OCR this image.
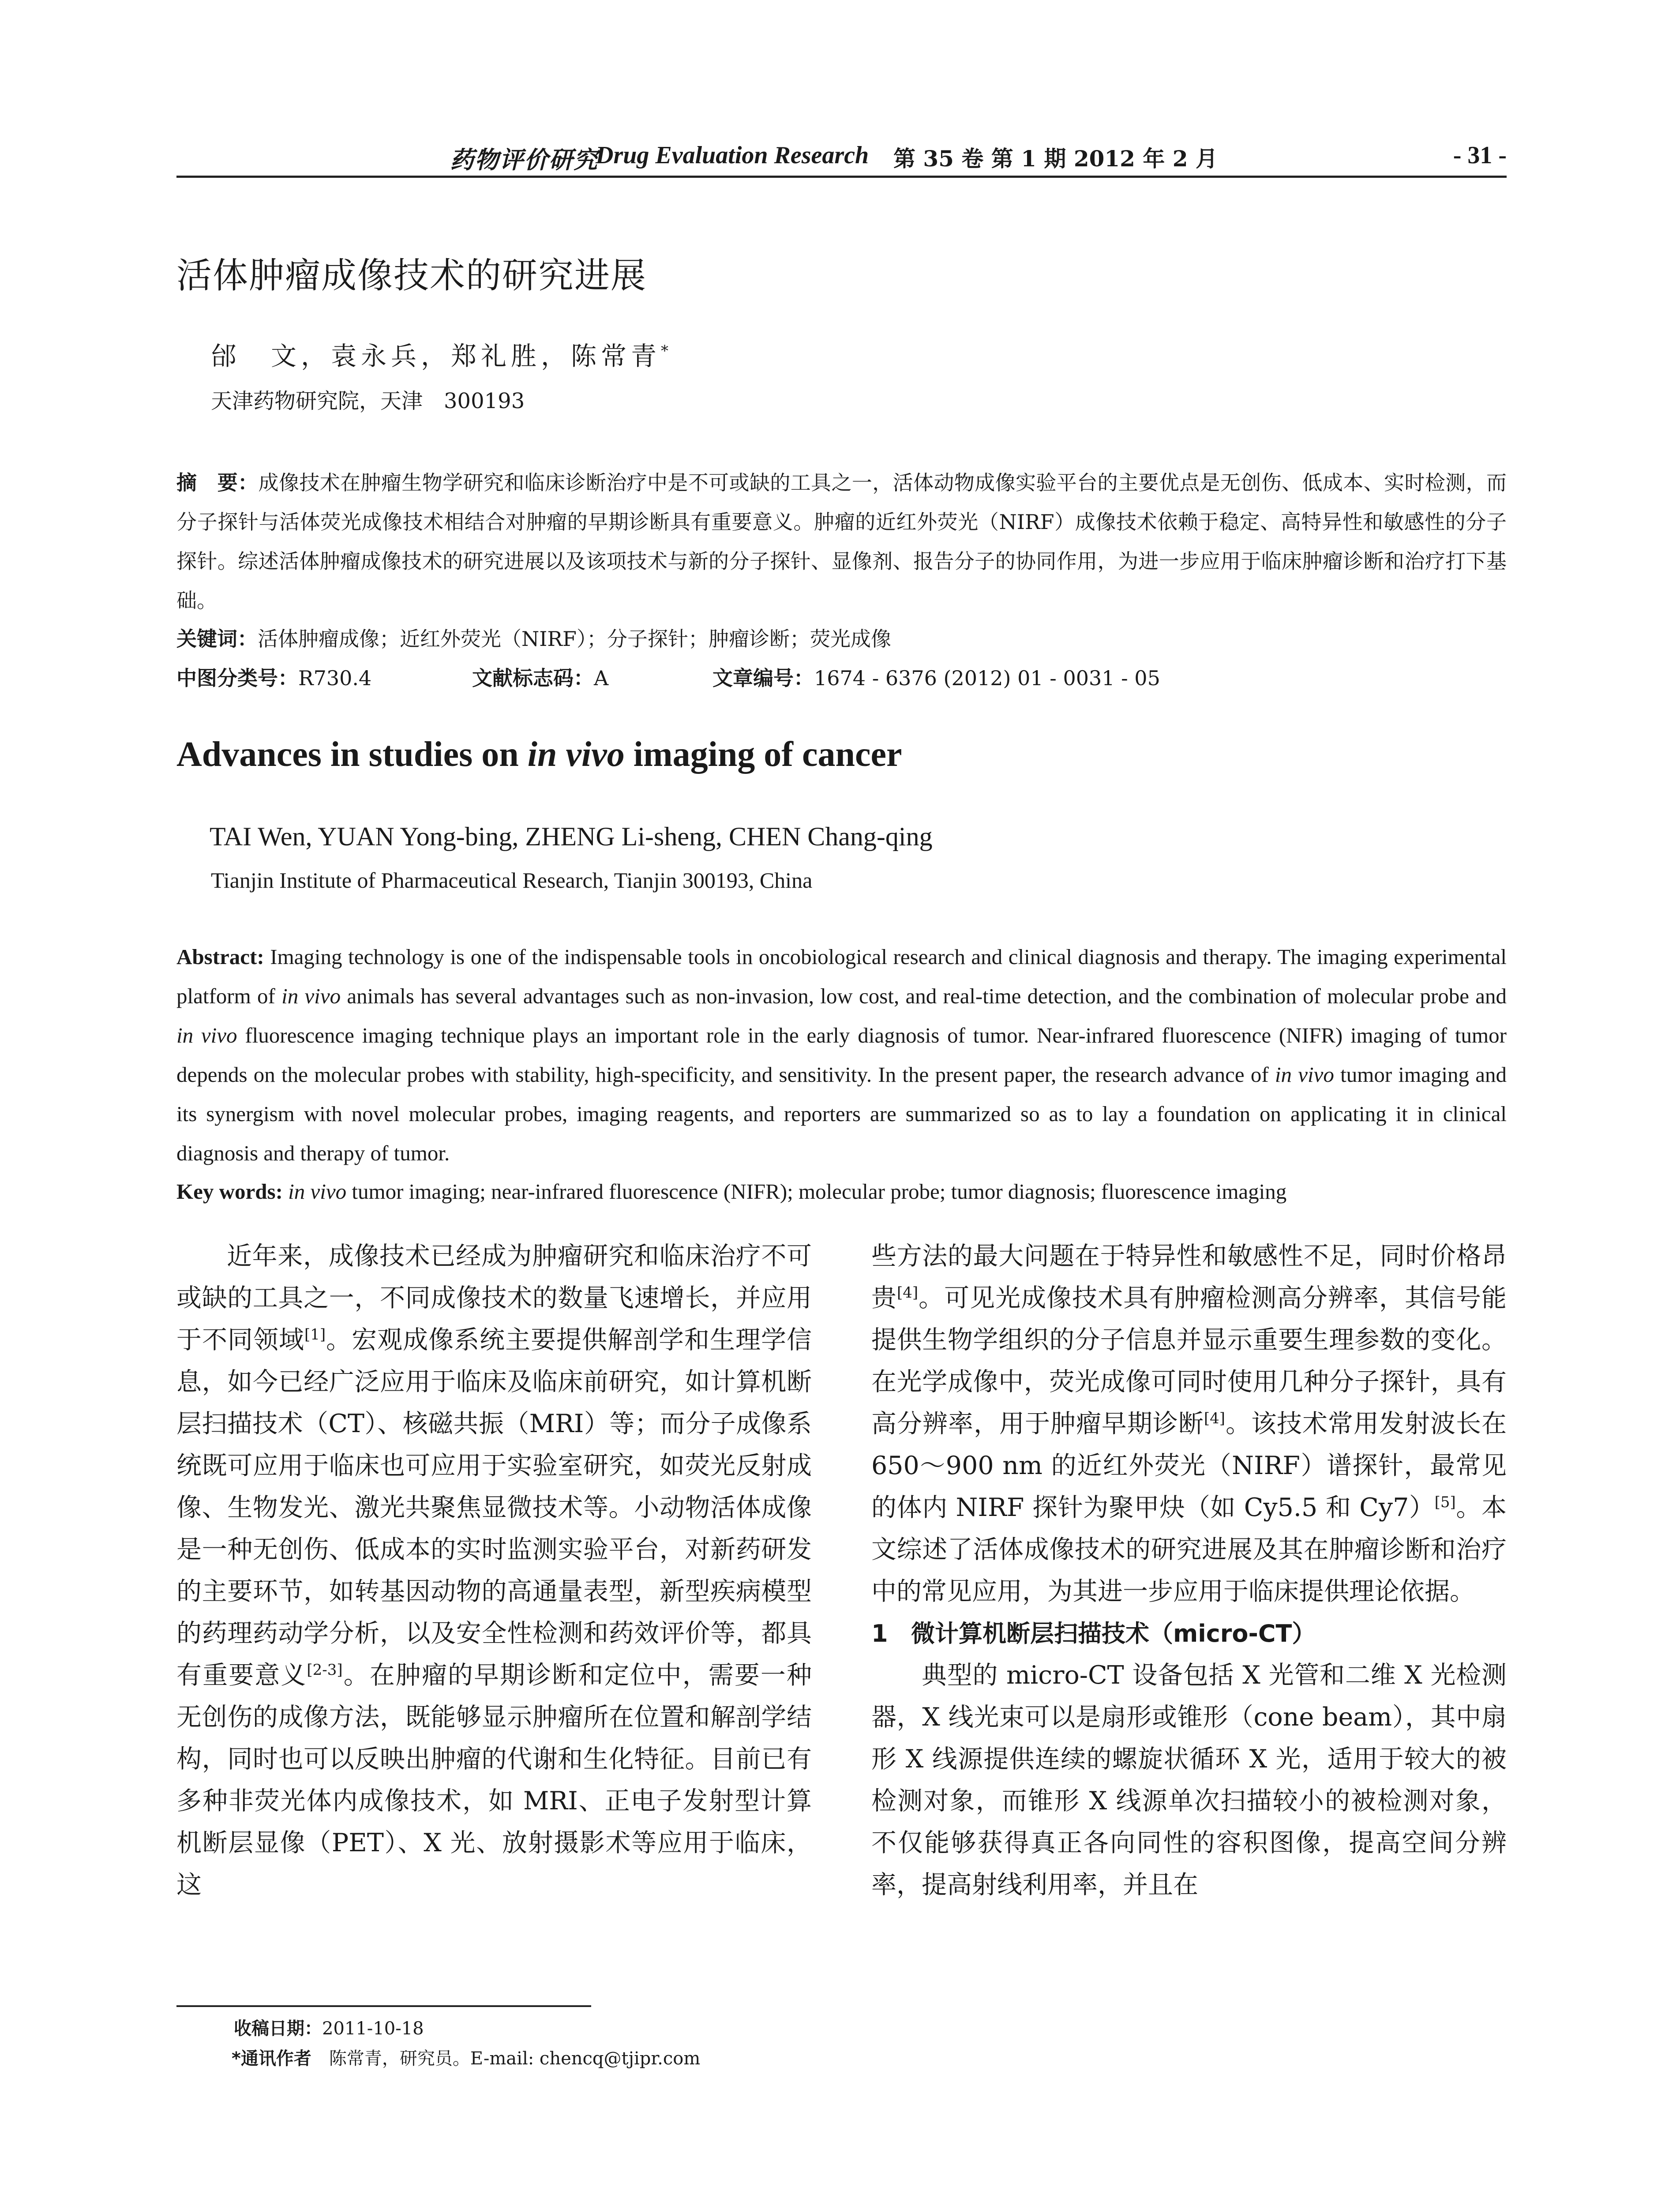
药物评价研究
Drug Evaluation Research 第 35 卷 第 1 期 2012 年 2 月	- 31 -
活体肿瘤成像技术的研究进展
邰　文，袁永兵，郑礼胜，陈常青*
天津药物研究院，天津　300193
摘　要：成像技术在肿瘤生物学研究和临床诊断治疗中是不可或缺的工具之一，活体动物成像实验平台的主要优点是无创伤、低成本、实时检测，而分子探针与活体荧光成像技术相结合对肿瘤的早期诊断具有重要意义。肿瘤的近红外荧光（NIRF）成像技术依赖于稳定、高特异性和敏感性的分子探针。综述活体肿瘤成像技术的研究进展以及该项技术与新的分子探针、显像剂、报告分子的协同作用，为进一步应用于临床肿瘤诊断和治疗打下基础。
关键词：活体肿瘤成像；近红外荧光（NIRF）；分子探针；肿瘤诊断；荧光成像
中图分类号：R730.4	文献标志码：A	文章编号：1674 - 6376 (2012) 01 - 0031 - 05
Advances in studies on in vivo imaging of cancer
TAI Wen, YUAN Yong-bing, ZHENG Li-sheng, CHEN Chang-qing
Tianjin Institute of Pharmaceutical Research, Tianjin 300193, China
Abstract: Imaging technology is one of the indispensable tools in oncobiological research and clinical diagnosis and therapy. The imaging experimental platform of in vivo animals has several advantages such as non-invasion, low cost, and real-time detection, and the combination of molecular probe and in vivo fluorescence imaging technique plays an important role in the early diagnosis of tumor. Near-infrared fluorescence (NIFR) imaging of tumor depends on the molecular probes with stability, high-specificity, and sensitivity. In the present paper, the research advance of in vivo tumor imaging and its synergism with novel molecular probes, imaging reagents, and reporters are summarized so as to lay a foundation on applicating it in clinical diagnosis and therapy of tumor.
Key words: in vivo tumor imaging; near-infrared fluorescence (NIFR); molecular probe; tumor diagnosis; fluorescence imaging
近年来，成像技术已经成为肿瘤研究和临床治疗不可或缺的工具之一，不同成像技术的数量飞速增长，并应用于不同领域[1]。宏观成像系统主要提供解剖学和生理学信息，如今已经广泛应用于临床及临床前研究，如计算机断层扫描技术（CT）、核磁共振（MRI）等；而分子成像系统既可应用于临床也可应用于实验室研究，如荧光反射成像、生物发光、激光共聚焦显微技术等。小动物活体成像是一种无创伤、低成本的实时监测实验平台，对新药研发的主要环节，如转基因动物的高通量表型，新型疾病模型的药理药动学分析，以及安全性检测和药效评价等，都具有重要意义[2-3]。在肿瘤的早期诊断和定位中，需要一种无创伤的成像方法，既能够显示肿瘤所在位置和解剖学结构，同时也可以反映出肿瘤的代谢和生化特征。目前已有多种非荧光体内成像技术，如 MRI、正电子发射型计算机断层显像（PET）、X 光、放射摄影术等应用于临床，这

些方法的最大问题在于特异性和敏感性不足，同时价格昂贵[4]。可见光成像技术具有肿瘤检测高分辨率，其信号能提供生物学组织的分子信息并显示重要生理参数的变化。在光学成像中，荧光成像可同时使用几种分子探针，具有高分辨率，用于肿瘤早期诊断[4]。该技术常用发射波长在 650～900 nm 的近红外荧光（NIRF）谱探针，最常见的体内 NIRF 探针为聚甲炔（如 Cy5.5 和 Cy7）[5]。本文综述了活体成像技术的研究进展及其在肿瘤诊断和治疗中的常见应用，为其进一步应用于临床提供理论依据。

1 微计算机断层扫描技术（micro-CT）

典型的 micro-CT 设备包括 X 光管和二维 X 光检测器，X 线光束可以是扇形或锥形（cone beam），其中扇形 X 线源提供连续的螺旋状循环 X 光，适用于较大的被检测对象，而锥形 X 线源单次扫描较小的被检测对象，不仅能够获得真正各向同性的容积图像，提高空间分辨率，提高射线利用率，并且在

收稿日期：2011-10-18
*通讯作者　陈常青，研究员。E-mail: chencq@tjipr.com
